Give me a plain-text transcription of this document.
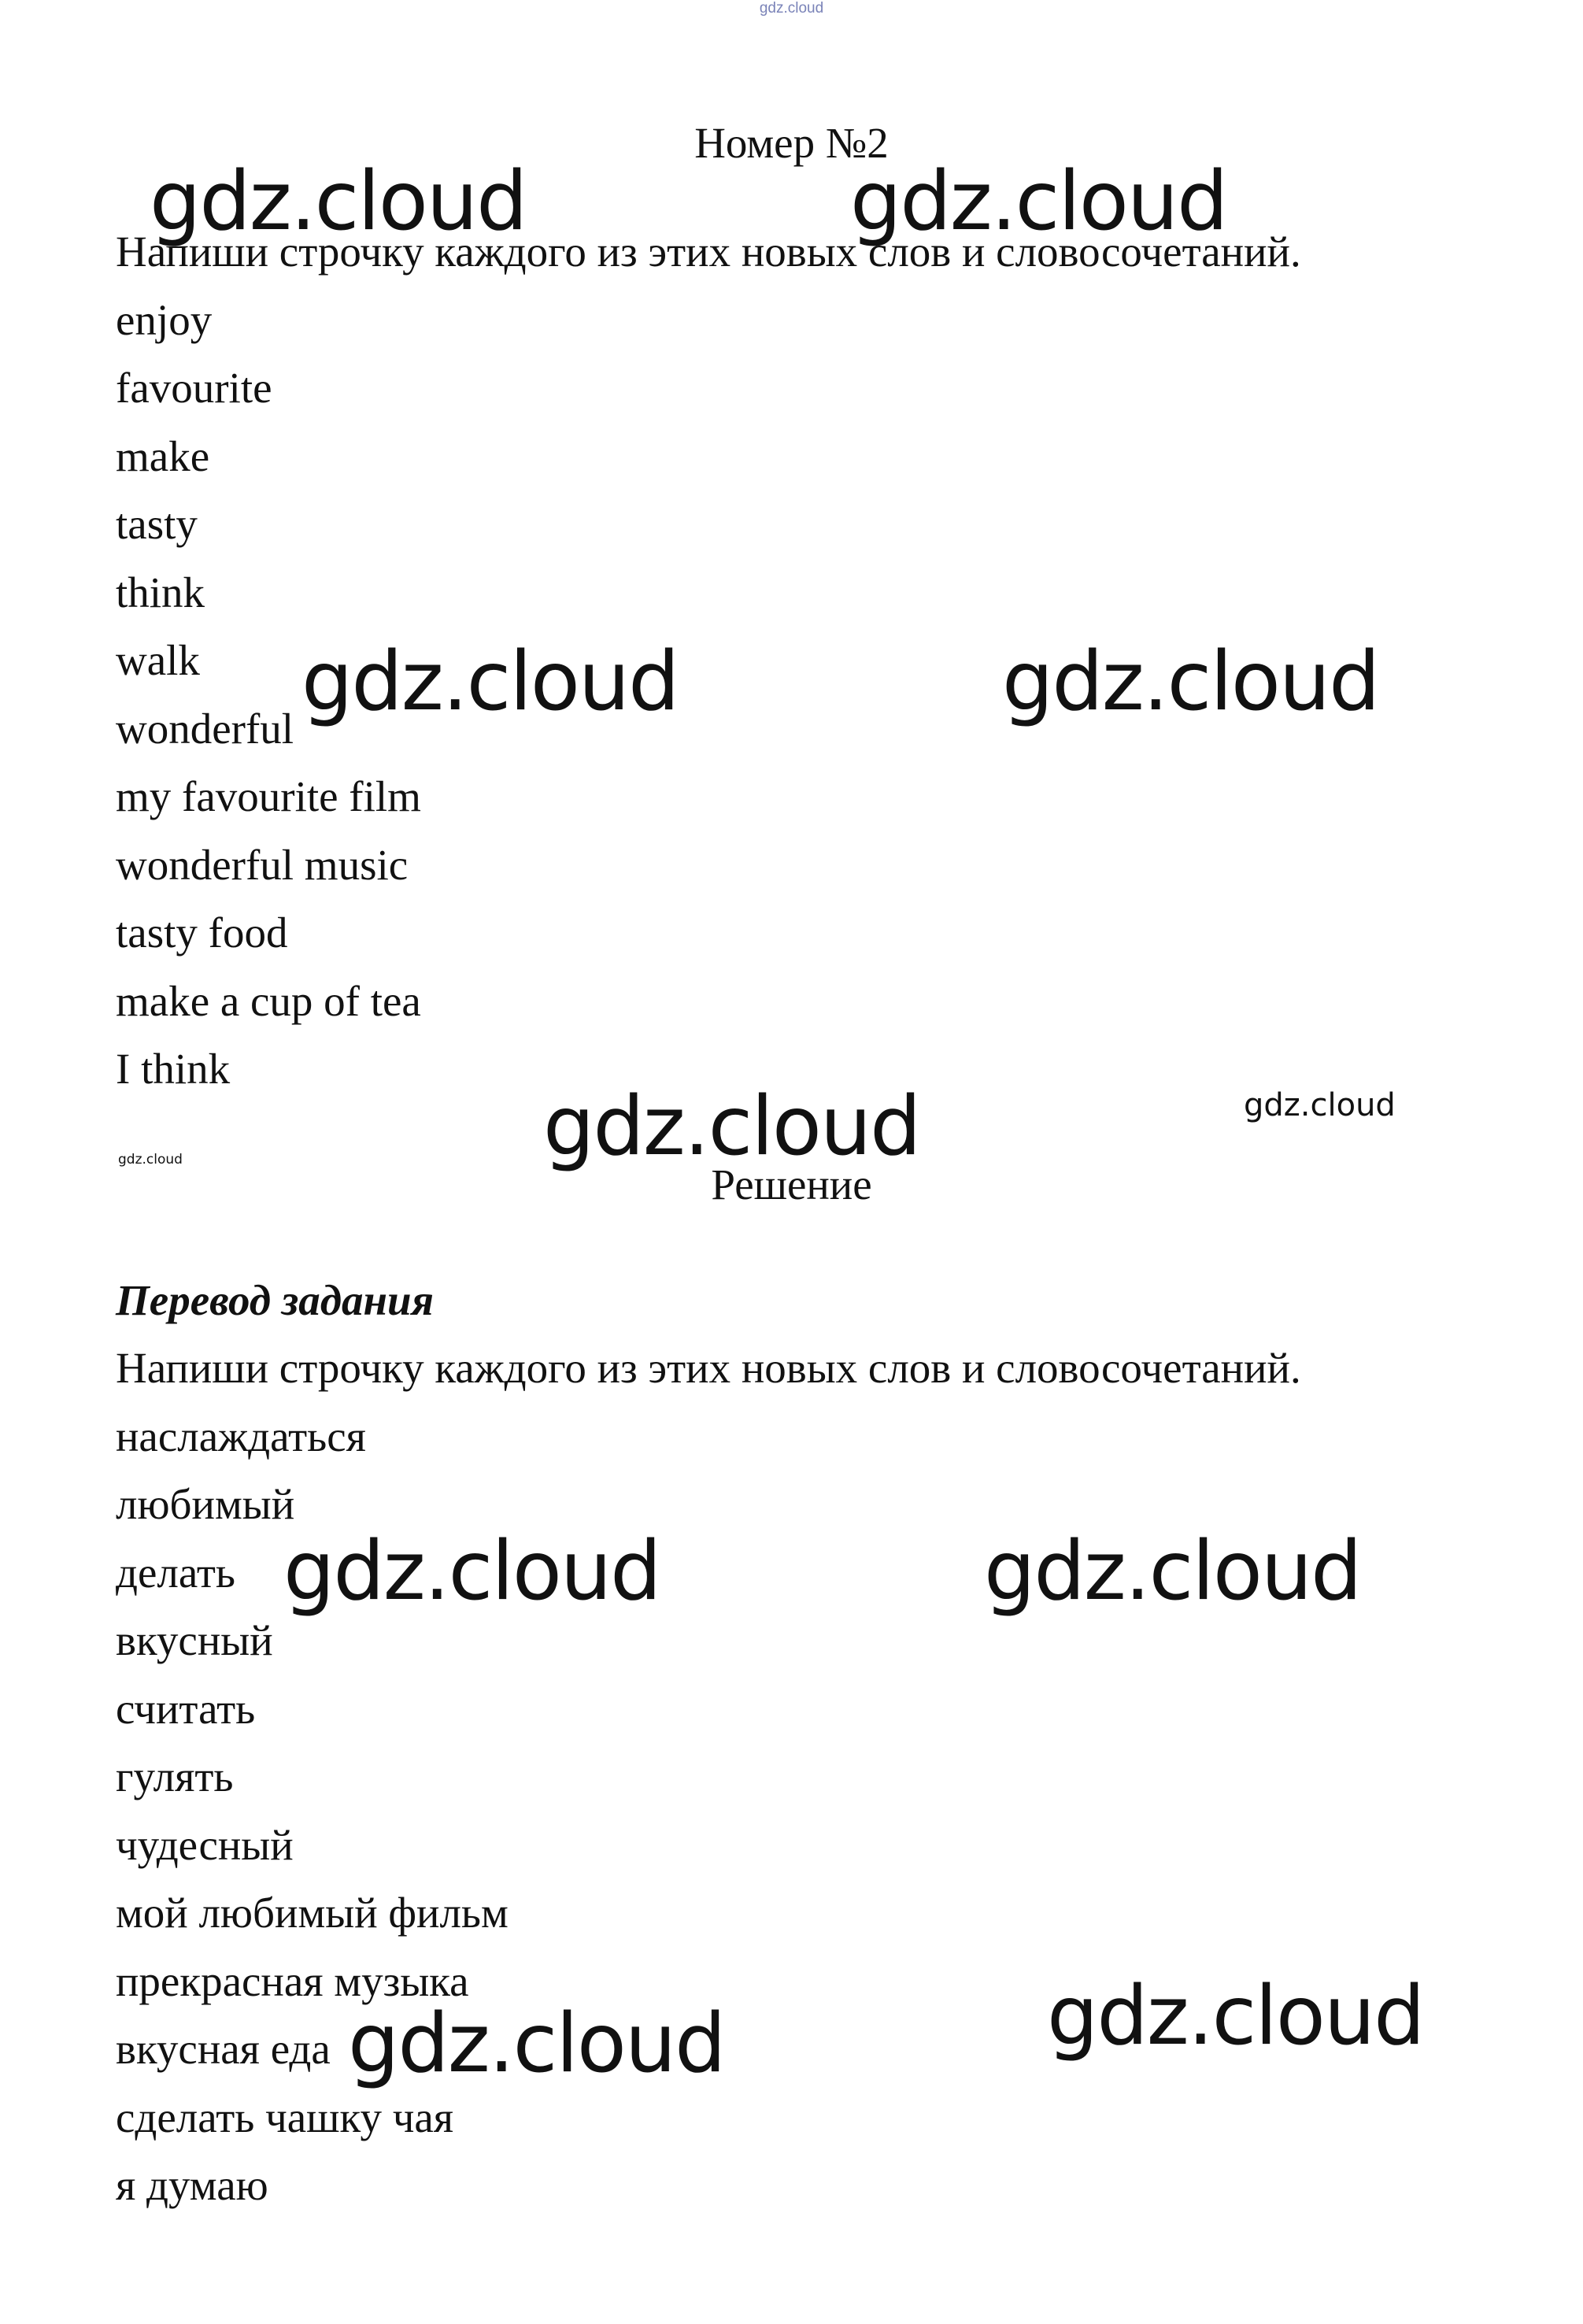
gdz.cloud
Номер №2
Напиши строчку каждого из этих новых слов и словосочетаний.
enjoy
favourite
make
tasty
think
walk
wonderful
my favourite film
wonderful music
tasty food
make a cup of tea
I think
Решение
Перевод задания
Напиши строчку каждого из этих новых слов и словосочетаний.
наслаждаться
любимый
делать
вкусный
считать
гулять
чудесный
мой любимый фильм
прекрасная музыка
вкусная еда
сделать чашку чая
я думаю
gdz.cloud	gdz.cloud
gdz.cloud	gdz.cloud
gdz.cloud	gdz.cloud
gdz.cloud
gdz.cloud	gdz.cloud
gdz.cloud	gdz.cloud
